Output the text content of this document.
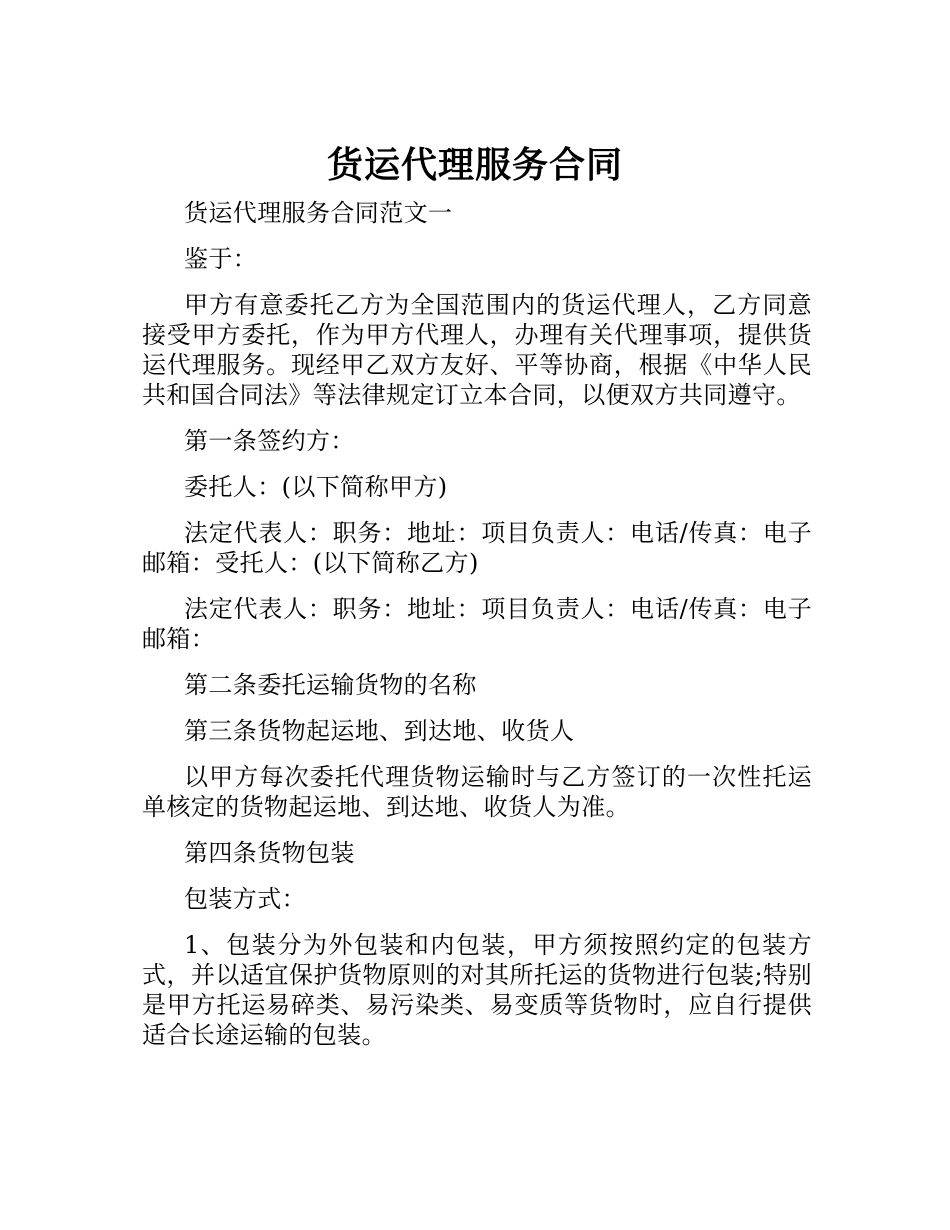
货运代理服务合同

货运代理服务合同范文一

鉴于：

甲方有意委托乙方为全国范围内的货运代理人，乙方同意接受甲方委托，作为甲方代理人，办理有关代理事项，提供货运代理服务。现经甲乙双方友好、平等协商，根据《中华人民共和国合同法》等法律规定订立本合同，以便双方共同遵守。

第一条签约方：

委托人：(以下简称甲方)

法定代表人：职务：地址：项目负责人：电话/传真：电子邮箱：受托人：(以下简称乙方)

法定代表人：职务：地址：项目负责人：电话/传真：电子邮箱：

第二条委托运输货物的名称

第三条货物起运地、到达地、收货人

以甲方每次委托代理货物运输时与乙方签订的一次性托运单核定的货物起运地、到达地、收货人为准。

第四条货物包装

包装方式：

1、包装分为外包装和内包装，甲方须按照约定的包装方式，并以适宜保护货物原则的对其所托运的货物进行包装;特别是甲方托运易碎类、易污染类、易变质等货物时，应自行提供适合长途运输的包装。
